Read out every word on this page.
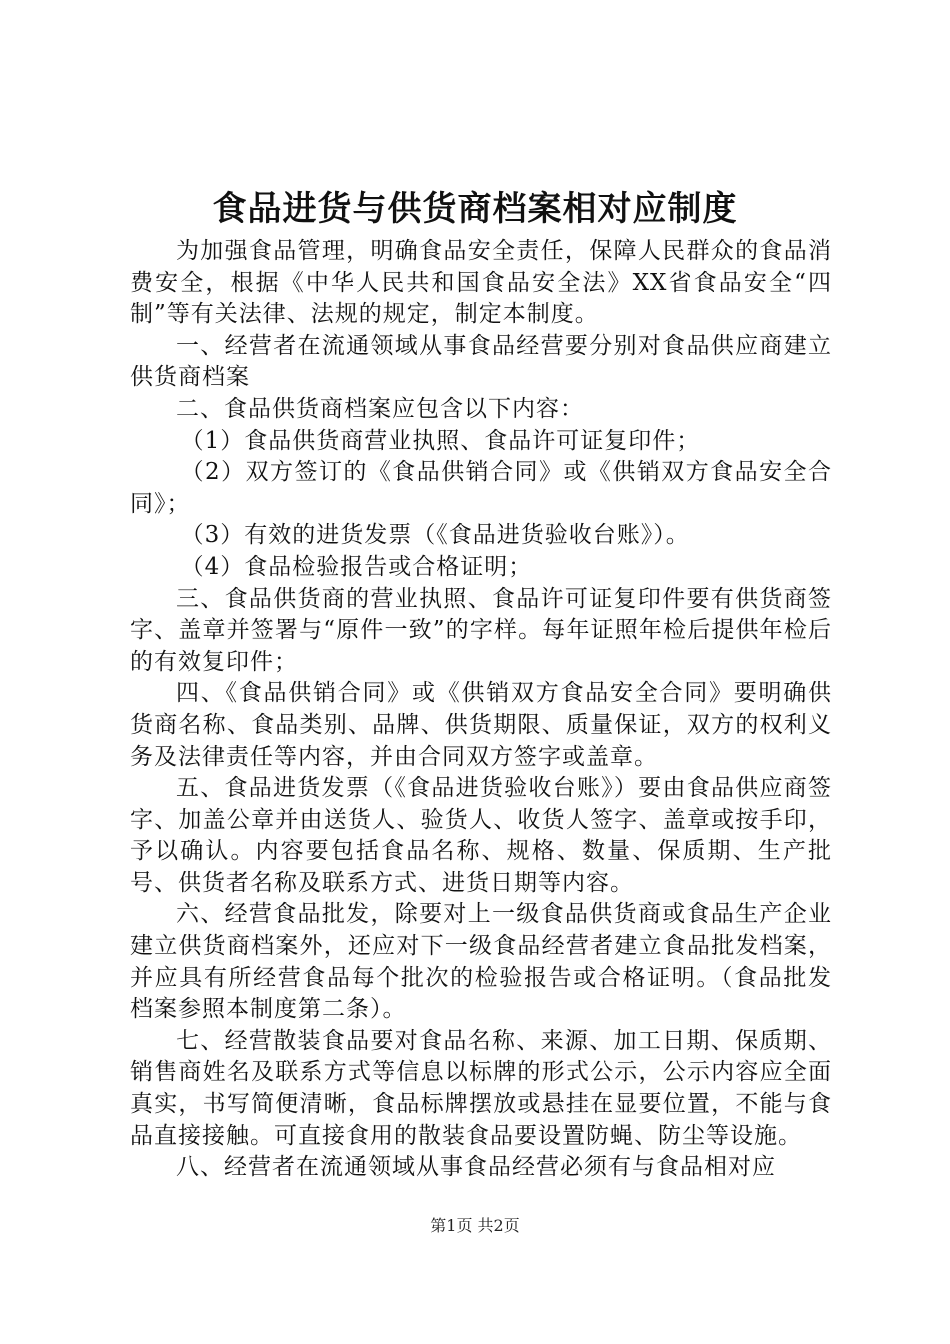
食品进货与供货商档案相对应制度

为加强食品管理，明确食品安全责任，保障人民群众的食品消费安全，根据《中华人民共和国食品安全法》XX省食品安全“四制”等有关法律、法规的规定，制定本制度。

一、经营者在流通领域从事食品经营要分别对食品供应商建立供货商档案

二、食品供货商档案应包含以下内容：

（1）食品供货商营业执照、食品许可证复印件；

（2）双方签订的《食品供销合同》或《供销双方食品安全合同》；

（3）有效的进货发票（《食品进货验收台账》）。

（4）食品检验报告或合格证明；

三、食品供货商的营业执照、食品许可证复印件要有供货商签字、盖章并签署与“原件一致”的字样。每年证照年检后提供年检后的有效复印件；

四、《食品供销合同》或《供销双方食品安全合同》要明确供货商名称、食品类别、品牌、供货期限、质量保证，双方的权利义务及法律责任等内容，并由合同双方签字或盖章。

五、食品进货发票（《食品进货验收台账》）要由食品供应商签字、加盖公章并由送货人、验货人、收货人签字、盖章或按手印，予以确认。内容要包括食品名称、规格、数量、保质期、生产批号、供货者名称及联系方式、进货日期等内容。

六、经营食品批发，除要对上一级食品供货商或食品生产企业建立供货商档案外，还应对下一级食品经营者建立食品批发档案，并应具有所经营食品每个批次的检验报告或合格证明。（食品批发档案参照本制度第二条）。

七、经营散装食品要对食品名称、来源、加工日期、保质期、销售商姓名及联系方式等信息以标牌的形式公示，公示内容应全面真实，书写简便清晰，食品标牌摆放或悬挂在显要位置，不能与食品直接接触。可直接食用的散装食品要设置防蝇、防尘等设施。

八、经营者在流通领域从事食品经营必须有与食品相对应

第1页 共2页
